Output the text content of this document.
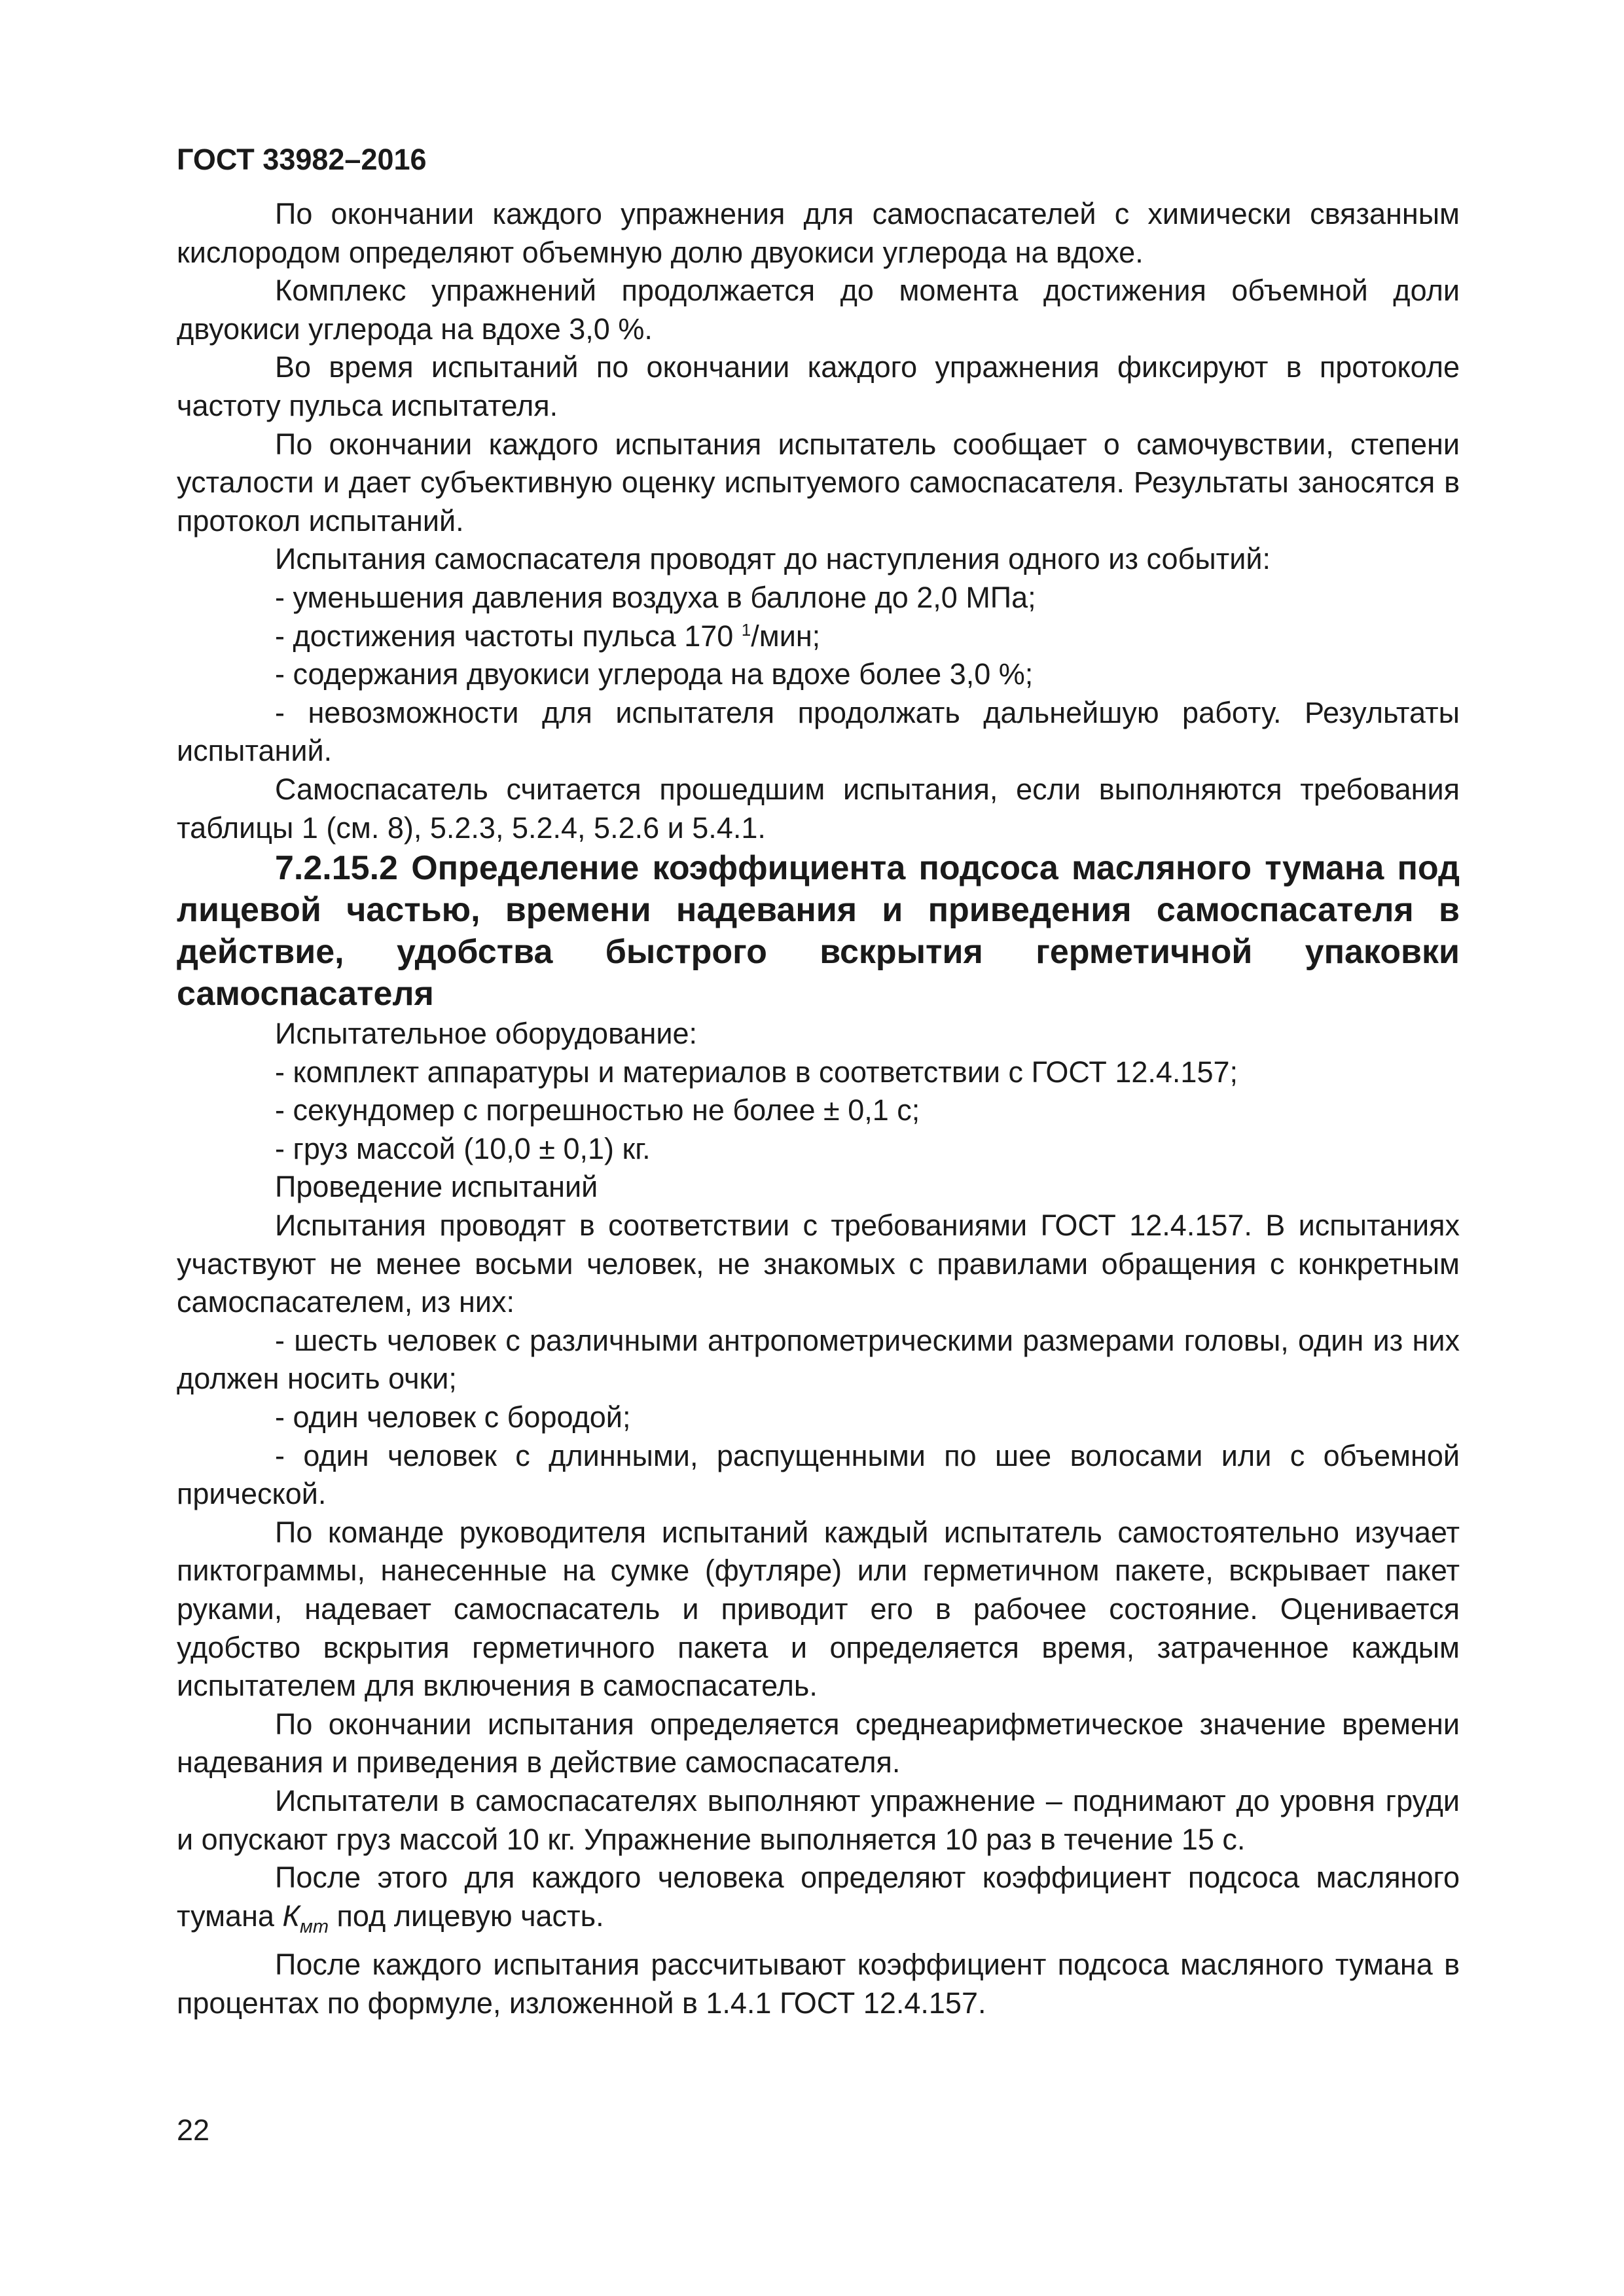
ГОСТ 33982–2016

По окончании каждого упражнения для самоспасателей с химически связанным кислородом определяют объемную долю двуокиси углерода на вдохе.

Комплекс упражнений продолжается до момента достижения объемной доли двуокиси углерода на вдохе 3,0 %.

Во время испытаний по окончании каждого упражнения фиксируют в протоколе частоту пульса испытателя.

По окончании каждого испытания испытатель сообщает о самочувствии, степени усталости и дает субъективную оценку испытуемого самоспасателя. Результаты заносятся в протокол испытаний.

Испытания самоспасателя проводят до наступления одного из событий:

- уменьшения давления воздуха в баллоне до 2,0 МПа;

- достижения частоты пульса 170 $^1$/мин;

- содержания двуокиси углерода на вдохе более 3,0 %;

- невозможности для испытателя продолжать дальнейшую работу. Результаты испытаний.

Самоспасатель считается прошедшим испытания, если выполняются требования таблицы 1 (см. 8), 5.2.3, 5.2.4, 5.2.6 и 5.4.1.

7.2.15.2 Определение коэффициента подсоса масляного тумана под лицевой частью, времени надевания и приведения самоспасателя в действие, удобства быстрого вскрытия герметичной упаковки самоспасателя

Испытательное оборудование:

- комплект аппаратуры и материалов в соответствии с ГОСТ 12.4.157;

- секундомер с погрешностью не более ± 0,1 с;

- груз массой (10,0 ± 0,1) кг.

Проведение испытаний

Испытания проводят в соответствии с требованиями ГОСТ 12.4.157. В испытаниях участвуют не менее восьми человек, не знакомых с правилами обращения с конкретным самоспасателем, из них:

- шесть человек с различными антропометрическими размерами головы, один из них должен носить очки;

- один человек с бородой;

- один человек с длинными, распущенными по шее волосами или с объемной прической.

По команде руководителя испытаний каждый испытатель самостоятельно изучает пиктограммы, нанесенные на сумке (футляре) или герметичном пакете, вскрывает пакет руками, надевает самоспасатель и приводит его в рабочее состояние. Оценивается удобство вскрытия герметичного пакета и определяется время, затраченное каждым испытателем для включения в самоспасатель.

По окончании испытания определяется среднеарифметическое значение времени надевания и приведения в действие самоспасателя.

Испытатели в самоспасателях выполняют упражнение – поднимают до уровня груди и опускают груз массой 10 кг. Упражнение выполняется 10 раз в течение 15 с.

После этого для каждого человека определяют коэффициент подсоса масляного тумана $К_{мт}$ под лицевую часть.

После каждого испытания рассчитывают коэффициент подсоса масляного тумана в процентах по формуле, изложенной в 1.4.1 ГОСТ 12.4.157.

22
